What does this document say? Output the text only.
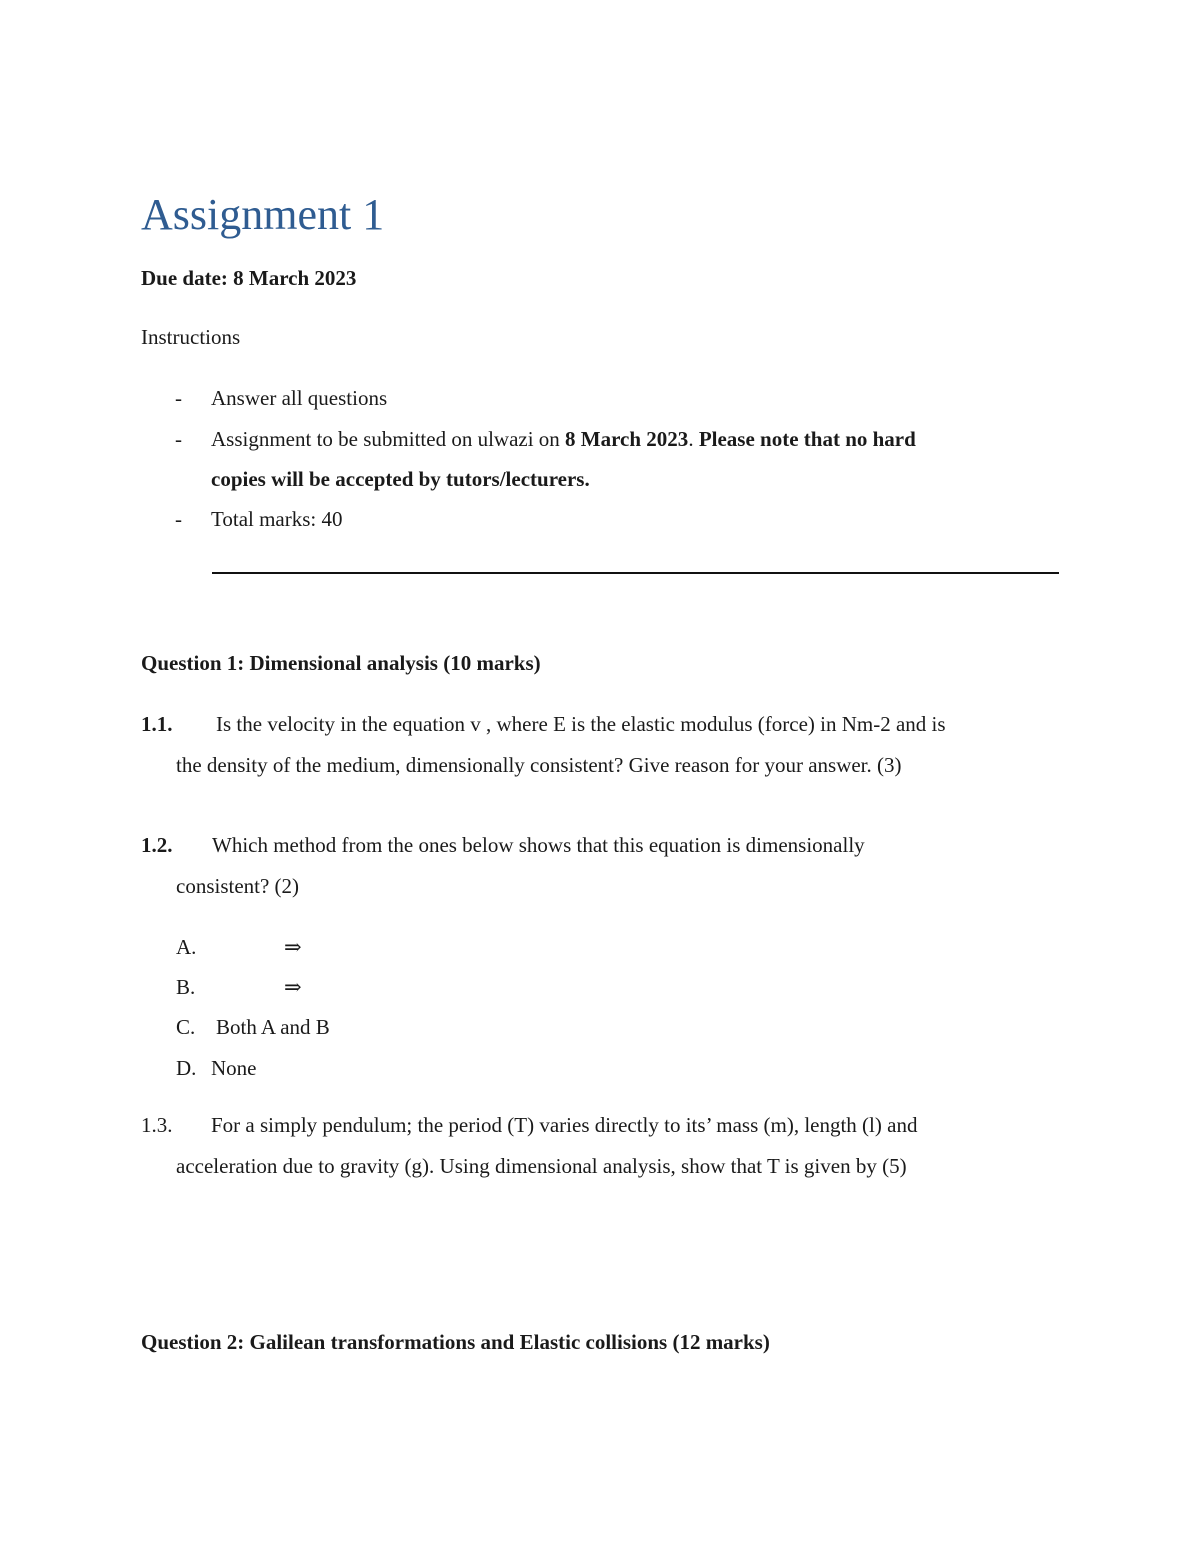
Assignment 1
Due date: 8 March 2023
Instructions
- Answer all questions
- Assignment to be submitted on ulwazi on 8 March 2023. Please note that no hard
copies will be accepted by tutors/lecturers.
- Total marks: 40
Question 1: Dimensional analysis (10 marks)
1.1. Is the velocity in the equation v , where E is the elastic modulus (force) in Nm-2 and is
the density of the medium, dimensionally consistent? Give reason for your answer. (3)
1.2. Which method from the ones below shows that this equation is dimensionally
consistent? (2)
A.	⇒
B.	⇒
C. Both A and B
D. None
1.3. For a simply pendulum; the period (T) varies directly to its’ mass (m), length (l) and
acceleration due to gravity (g). Using dimensional analysis, show that T is given by (5)
Question 2: Galilean transformations and Elastic collisions (12 marks)
